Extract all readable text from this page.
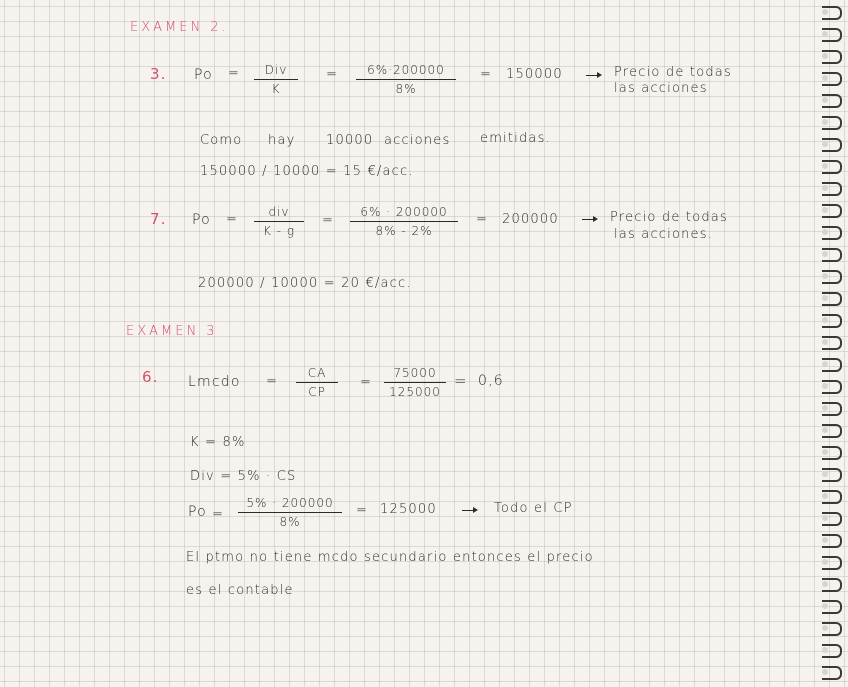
EXAMEN 2.
3. Po = Div
K
= 6%·200000
8%
= 150000	Precio de todas
las acciones
Como hay 10000 acciones emitidas.
150000 / 10000 = 15 €/acc.
7. Po =	div
K - g
=
6% · 200000
8% - 2%
= 200000	Precio de todas
las acciones.
200000 / 10000 = 20 €/acc.
EXAMEN 3
6. Lmcdo =
CA
CP
=
75000
125000
= 0,6
K = 8%
Div = 5% · CS
Po =
5% · 200000
8%
= 125000	Todo el CP
El ptmo no tiene mcdo secundario entonces el precio
es el contable
